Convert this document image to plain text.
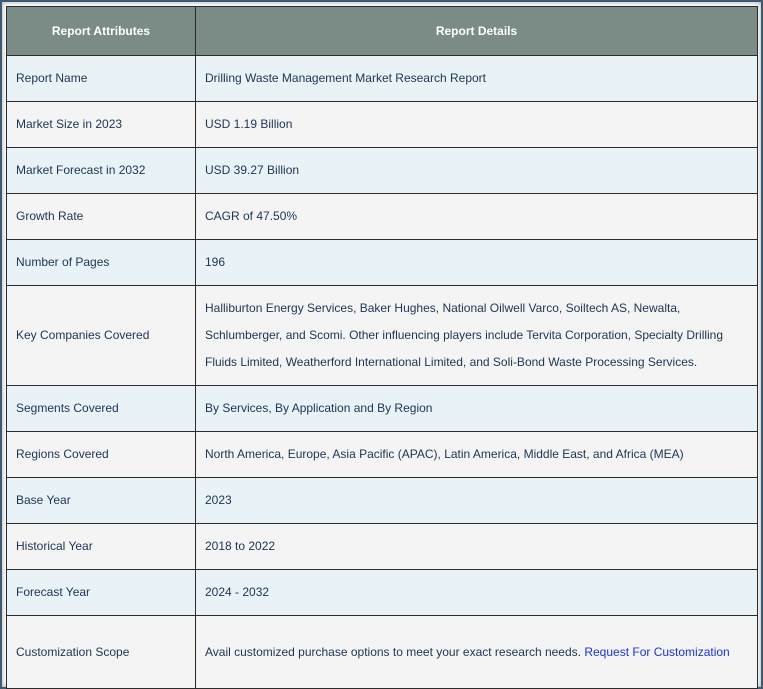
Report Attributes	Report Details
Report Name	Drilling Waste Management Market Research Report
Market Size in 2023	USD 1.19 Billion
Market Forecast in 2032	USD 39.27 Billion
Growth Rate	CAGR of 47.50%
Number of Pages	196
Key Companies Covered	Halliburton Energy Services, Baker Hughes, National Oilwell Varco, Soiltech AS, Newalta, Schlumberger, and Scomi. Other influencing players include Tervita Corporation, Specialty Drilling Fluids Limited, Weatherford International Limited, and Soli-Bond Waste Processing Services.
Segments Covered	By Services, By Application and By Region
Regions Covered	North America, Europe, Asia Pacific (APAC), Latin America, Middle East, and Africa (MEA)
Base Year	2023
Historical Year	2018 to 2022
Forecast Year	2024 - 2032
Customization Scope	Avail customized purchase options to meet your exact research needs. Request For Customization
